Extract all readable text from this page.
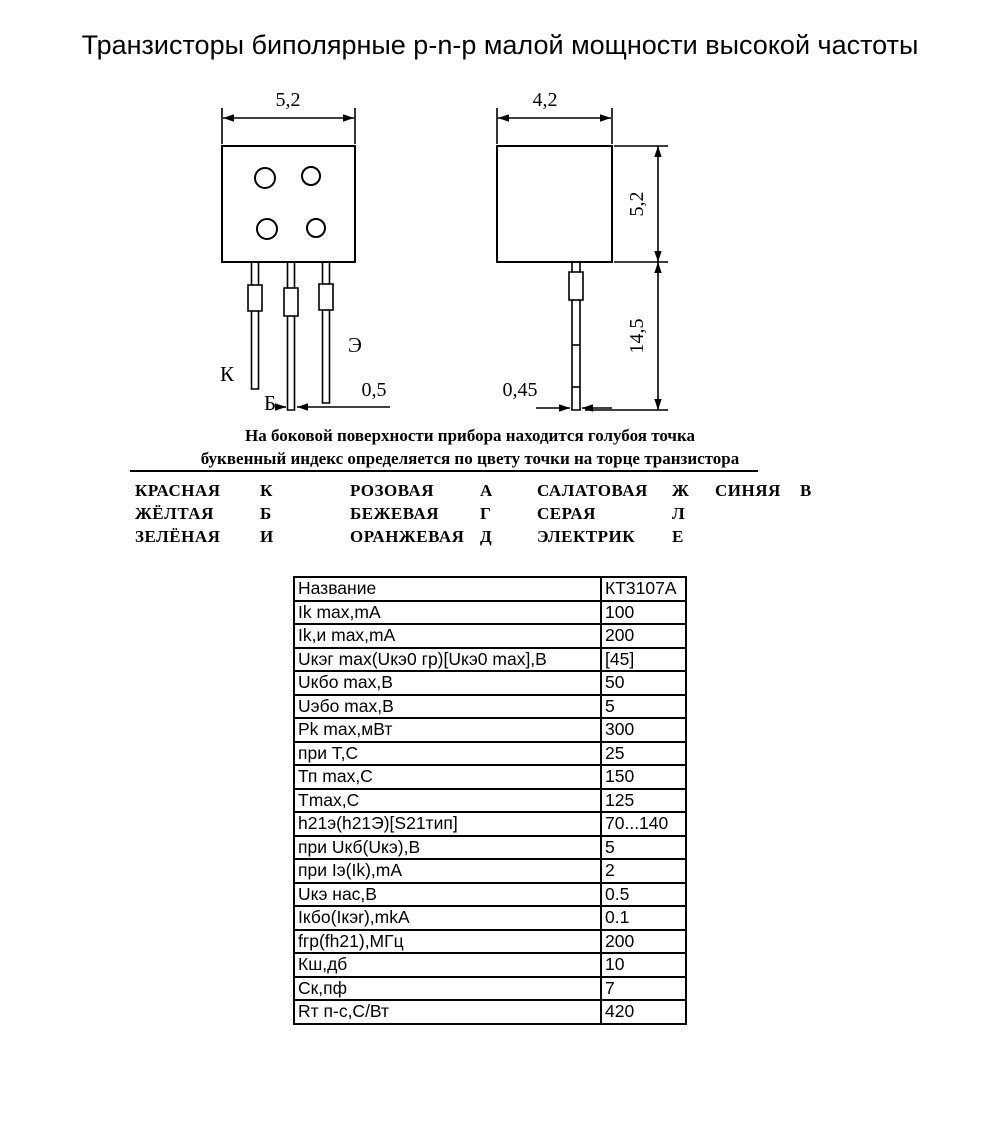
Транзисторы биполярные p-n-p малой мощности высокой частоты
5,2
Э
К
Б
0,5
4,2
5,2
14,5
0,45
На боковой поверхности прибора находится голубоя точка
буквенный индекс определяется по цвету точки на торце транзистора
КРАСНАЯ	К	РОЗОВАЯ	А	САЛАТОВАЯ	Ж	СИНЯЯ	В
ЖЁЛТАЯ	Б	БЕЖЕВАЯ	Г	СЕРАЯ	Л
ЗЕЛЁНАЯ	И	ОРАНЖЕВАЯ Д	ЭЛЕКТРИК	Е
Название	КТ3107А
Ik max,mA	100
Ik,и max,mA	200
Uкэг max(Uкэ0 гр)[Uкэ0 max],В	[45]
Uкбо max,В	50
Uэбо max,В	5
Pk max,мВт	300
при Т,С	25
Тп max,С	150
Tmax,С	125
h21э(h21Э)[S21тип]	70...140
при Uкб(Uкэ),В	5
при Iэ(Ik),mA	2
Uкэ нас,В	0.5
Iкбо(Iкэr),mkA	0.1
fгр(fh21),МГц	200
Кш,дб	10
Ск,пф	7
Rт п-с,С/Вт	420
